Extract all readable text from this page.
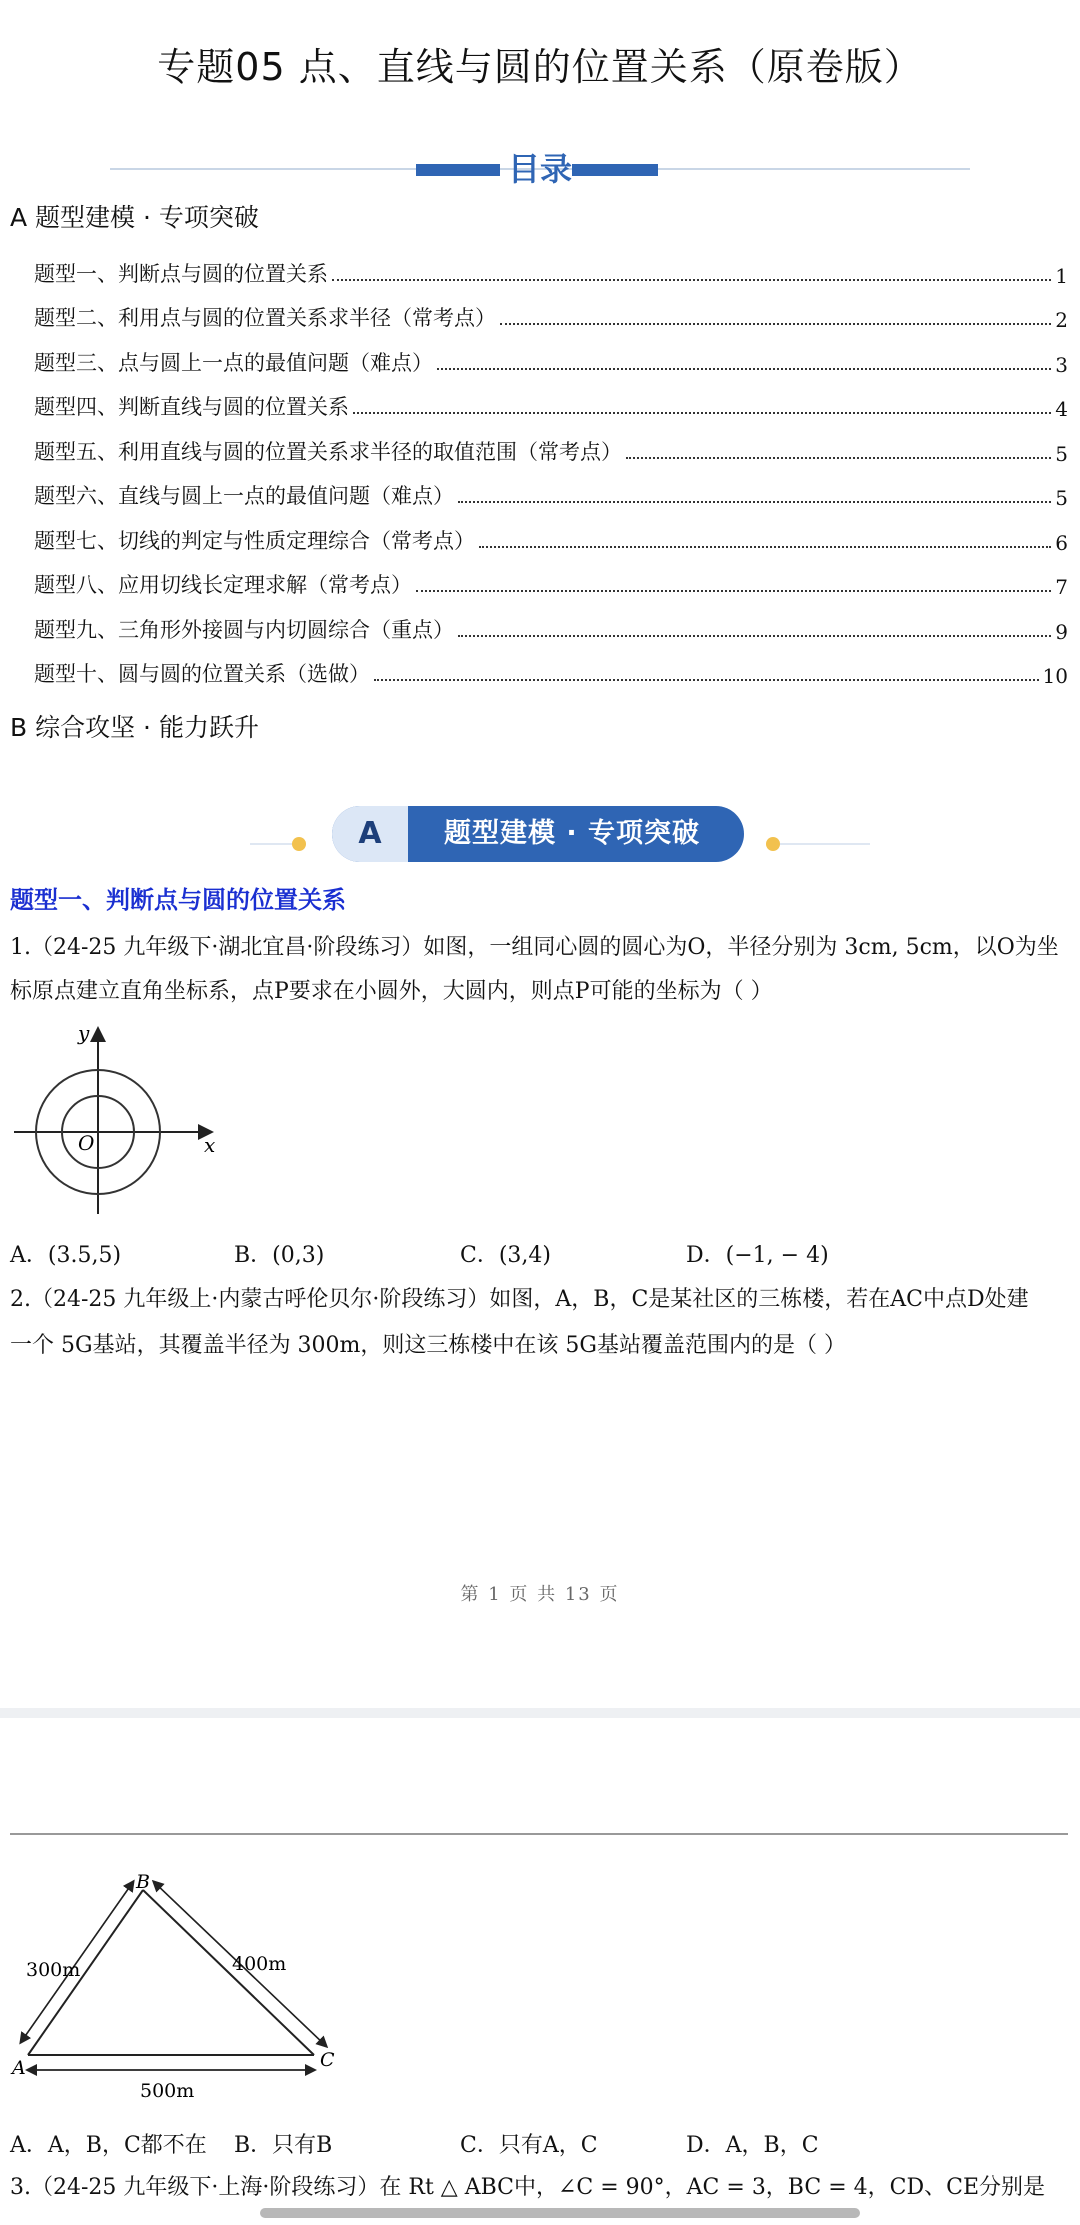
专题05 点、直线与圆的位置关系（原卷版）
目录
A 题型建模 · 专项突破
题型一、判断点与圆的位置关系	1
题型二、利用点与圆的位置关系求半径（常考点）	2
题型三、点与圆上一点的最值问题（难点）	3
题型四、判断直线与圆的位置关系	4
题型五、利用直线与圆的位置关系求半径的取值范围（常考点）	5
题型六、直线与圆上一点的最值问题（难点）	5
题型七、切线的判定与性质定理综合（常考点）	6
题型八、应用切线长定理求解（常考点）	7
题型九、三角形外接圆与内切圆综合（重点）	9
题型十、圆与圆的位置关系（选做）	10
B 综合攻坚 · 能力跃升
A	题型建模 · 专项突破
题型一、判断点与圆的位置关系
1.（24-25 九年级下·湖北宜昌·阶段练习）如图，一组同心圆的圆心为O，半径分别为 3cm, 5cm，以O为坐
标原点建立直角坐标系，点P要求在小圆外，大圆内，则点P可能的坐标为（ ）
y
x
O
A．(3.5,5)	B．(0,3)	C．(3,4)	D．(−1, − 4)
2.（24-25 九年级上·内蒙古呼伦贝尔·阶段练习）如图，A，B，C是某社区的三栋楼，若在AC中点D处建
一个 5G基站，其覆盖半径为 300m，则这三栋楼中在该 5G基站覆盖范围内的是（ ）
第 1 页 共 13 页
B
A	C
300m	400m
500m
A．A，B，C都不在 B．只有B	C．只有A，C	D．A，B，C
3.（24-25 九年级下·上海·阶段练习）在 Rt △ ABC中，∠C = 90°，AC = 3，BC = 4，CD、CE分别是
